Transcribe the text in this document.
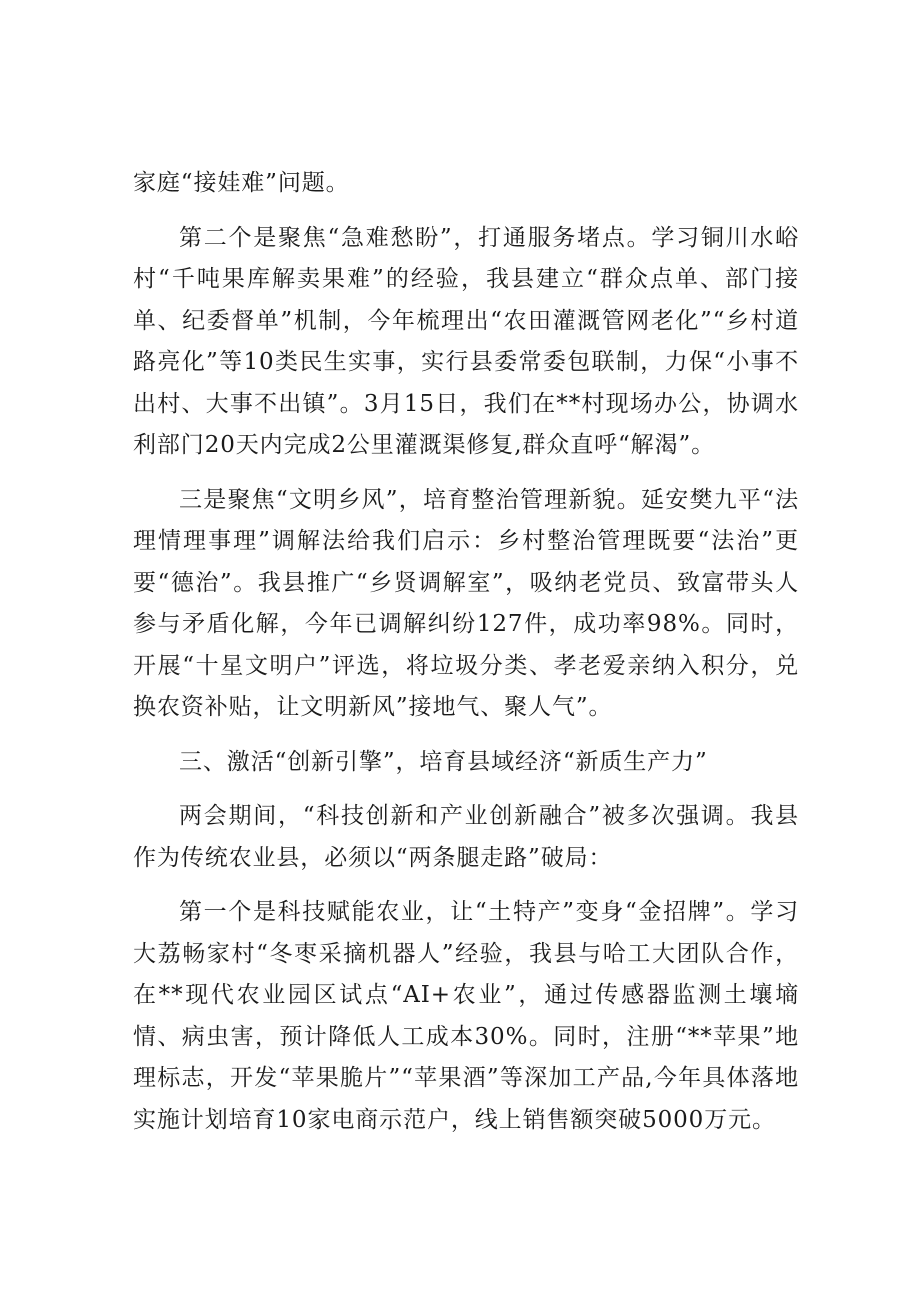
家庭“接娃难”问题。

第二个是聚焦“急难愁盼”，打通服务堵点。学习铜川水峪村“千吨果库解卖果难”的经验，我县建立“群众点单、部门接单、纪委督单”机制，今年梳理出“农田灌溉管网老化”“乡村道路亮化”等10类民生实事，实行县委常委包联制，力保“小事不出村、大事不出镇”。3月15日，我们在**村现场办公，协调水利部门20天内完成2公里灌溉渠修复,群众直呼“解渴”。

三是聚焦“文明乡风”，培育整治管理新貌。延安樊九平“法理情理事理”调解法给我们启示：乡村整治管理既要“法治”更要“德治”。我县推广“乡贤调解室”，吸纳老党员、致富带头人参与矛盾化解，今年已调解纠纷127件，成功率98%。同时，开展“十星文明户”评选，将垃圾分类、孝老爱亲纳入积分，兑换农资补贴，让文明新风”接地气、聚人气”。

三、激活“创新引擎”，培育县域经济“新质生产力”

两会期间，“科技创新和产业创新融合”被多次强调。我县作为传统农业县，必须以“两条腿走路”破局：

第一个是科技赋能农业，让“土特产”变身“金招牌”。学习大荔畅家村“冬枣采摘机器人”经验，我县与哈工大团队合作，在**现代农业园区试点“AI+农业”，通过传感器监测土壤墒情、病虫害，预计降低人工成本30%。同时，注册“**苹果”地理标志，开发“苹果脆片”“苹果酒”等深加工产品,今年具体落地实施计划培育10家电商示范户，线上销售额突破5000万元。
